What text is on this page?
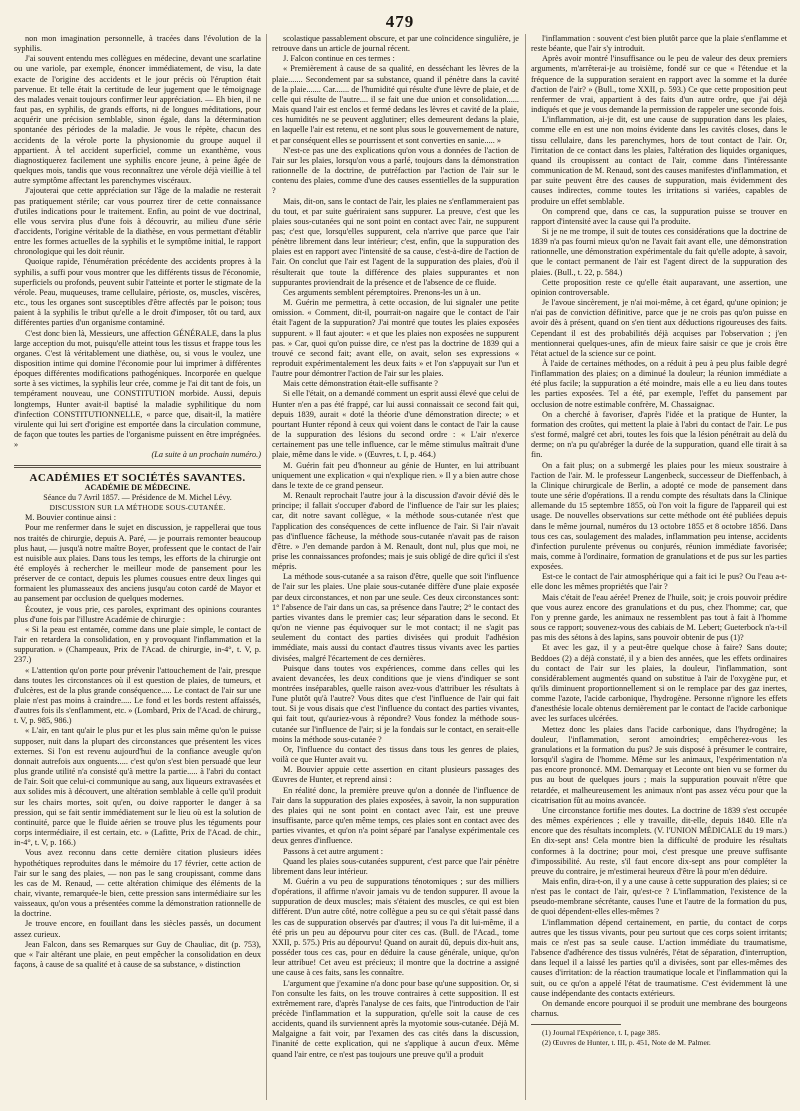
479

non mon imagination personnelle, à tracées dans l'évolution de la syphilis.

J'ai souvent entendu mes collègues en médecine, devant une scarlatine ou une variole, par exemple, énoncer immédiatement, de visu, la date exacte de l'origine des accidents et le jour précis où l'éruption était parvenue. Et telle était la certitude de leur jugement que le témoignage des malades venait toujours confirmer leur appréciation. — Eh bien, il ne faut pas, en syphilis, de grands efforts, ni de longues méditations, pour acquérir une précision semblable, sinon égale, dans la détermination spontanée des périodes de la maladie. Je vous le répète, chacun des accidents de la vérole porte la physionomie du groupe auquel il appartient. À tel accident superficiel, comme un exanthème, vous diagnostiquerez facilement une syphilis encore jeune, à peine âgée de quelques mois, tandis que vous reconnaîtrez une vérole déjà vieillie à tel autre symptôme affectant les parenchymes viscéraux.

J'ajouterai que cette appréciation sur l'âge de la maladie ne resterait pas pratiquement stérile; car vous pourrez tirer de cette connaissance d'utiles indications pour le traitement. Enfin, au point de vue doctrinal, elle vous servira plus d'une fois à découvrir, au milieu d'une série d'accidents, l'origine véritable de la diathèse, en vous permettant d'établir entre les formes actuelles de la syphilis et le symptôme initial, le rapport chronologique qui les doit réunir.

Quoique rapide, l'énumération précédente des accidents propres à la syphilis, a suffi pour vous montrer que les différents tissus de l'économie, superficiels ou profonds, peuvent subir l'atteinte et porter le stigmate de la vérole. Peau, muqueuses, trame cellulaire, périoste, os, muscles, viscères, etc., tous les organes sont susceptibles d'être affectés par le poison; tous paient à la syphilis le tribut qu'elle a le droit d'imposer, tôt ou tard, aux différentes parties d'un organisme contaminé.

C'est donc bien là, Messieurs, une affection GÉNÉRALE, dans la plus large acception du mot, puisqu'elle atteint tous les tissus et frappe tous les organes. C'est là véritablement une diathèse, ou, si vous le voulez, une disposition intime qui domine l'économie pour lui imprimer à différentes époques différentes modifications pathogéniques. Incorporée en quelque sorte à ses victimes, la syphilis leur crée, comme je l'ai dit tant de fois, un tempérament nouveau, une CONSTITUTION morbide. Aussi, depuis longtemps, Hunter avait-il baptisé la maladie syphilitique du nom d'infection CONSTITUTIONNELLE, « parce que, disait-il, la matière virulente qui lui sert d'origine est emportée dans la circulation commune, de façon que toutes les parties de l'organisme puissent en être imprégnées. »

(La suite à un prochain numéro.)

ACADÉMIES ET SOCIÉTÉS SAVANTES.

ACADÉMIE DE MÉDECINE.

Séance du 7 Avril 1857. — Présidence de M. Michel Lévy.

DISCUSSION SUR LA MÉTHODE SOUS-CUTANÉE.

M. Bouvier continue ainsi :

Pour me renfermer dans le sujet en discussion, je rappellerai que tous nos traités de chirurgie, depuis A. Paré, — je pourrais remonter beaucoup plus haut, — jusqu'à notre maître Boyer, professent que le contact de l'air est nuisible aux plaies. Dans tous les temps, les efforts de la chirurgie ont été employés à rechercher le meilleur mode de pansement pour les préserver de ce contact, depuis les plumes cousues entre deux linges qui formaient les plumasseaux des anciens jusqu'au coton cardé de Mayor et au pansement par occlusion de quelques modernes.

Écoutez, je vous prie, ces paroles, exprimant des opinions courantes plus d'une fois par l'illustre Académie de chirurgie :

« Si la peau est entamée, comme dans une plaie simple, le contact de l'air en retardera la consolidation, en y provoquant l'inflammation et la suppuration. » (Champeaux, Prix de l'Acad. de chirurgie, in-4°, t. V, p. 237.)

« L'attention qu'on porte pour prévenir l'attouchement de l'air, presque dans toutes les circonstances où il est question de plaies, de tumeurs, et d'ulcères, est de la plus grande conséquence..... Le contact de l'air sur une plaie n'est pas moins à craindre..... Le fond et les bords restent affaissés, d'autres fois ils s'enflamment, etc. » (Lombard, Prix de l'Acad. de chirurg., t. V, p. 985, 986.)

« L'air, en tant qu'air le plus pur et les plus sain même qu'on le puisse supposer, nuit dans la plupart des circonstances que présentent les vices externes. Si l'on est revenu aujourd'hui de la confiance aveugle qu'on donnait autrefois aux onguents..... c'est qu'on s'est bien persuadé que leur plus grande utilité n'a consisté qu'à mettre la partie..... à l'abri du contact de l'air. Soit que celui-ci communique au sang, aux liqueurs extravasées et aux solides mis à découvert, une altération semblable à celle qu'il produit sur les chairs mortes, soit qu'en, ou doive rapporter le danger à sa pression, qui se fait sentir immédiatement sur le lieu où est la solution de continuité, parce que le fluide aérien se trouve plus les téguments pour corps intermédiaire, il est certain, etc. » (Lafitte, Prix de l'Acad. de chir., in-4°, t. V, p. 166.)

Vous avez reconnu dans cette dernière citation plusieurs idées hypothétiques reproduites dans le mémoire du 17 février, cette action de l'air sur le sang des plaies, — non pas le sang croupissant, comme dans les cas de M. Renaud, — cette altération chimique des éléments de la chair, vivante, remarquée-le bien, cette pression sans intermédiaire sur les vaisseaux, qu'on vous a présentées comme la démonstration rationnelle de la doctrine.

Je trouve encore, en fouillant dans les siècles passés, un document assez curieux.

Jean Falcon, dans ses Remarques sur Guy de Chauliac, dit (p. 753), que « l'air altérant une plaie, en peut empêcher la consolidation en deux façons, à cause de sa qualité et à cause de sa substance, » distinction

scolastique passablement obscure, et par une coïncidence singulière, je retrouve dans un article de journal récent.

J. Falcon continue en ces termes :

« Premièrement à cause de sa qualité, en desséchant les lèvres de la plaie....... Secondement par sa substance, quand il pénètre dans la cavité de la plaie....... Car....... de l'humidité qui résulte d'une lèvre de plaie, et de celle qui résulte de l'autre.... il se fait une due union et consolidation...... Mais quand l'air est enclos et fermé dedans les lèvres et cavité de la plaie, ces humidités ne se peuvent agglutiner; elles demeurent dedans la plaie, en laquelle l'air est retenu, et ne sont plus sous le gouvernement de nature, et par conséquent elles se pourrissent et sont converties en sanie..... »

N'est-ce pas une des explications qu'on vous a données de l'action de l'air sur les plaies, lorsqu'on vous a parlé, toujours dans la démonstration rationnelle de la doctrine, de putréfaction par l'action de l'air sur le contenu des plaies, comme d'une des causes essentielles de la suppuration ?

Mais, dit-on, sans le contact de l'air, les plaies ne s'enflammeraient pas du tout, et par suite guériraient sans suppurer. La preuve, c'est que les plaies sous-cutanées qui ne sont point en contact avec l'air, ne suppurent pas; c'est que, lorsqu'elles suppurent, cela n'arrive que parce que l'air pénètre librement dans leur intérieur; c'est, enfin, que la suppuration des plaies est en rapport avec l'intensité de sa cause, c'est-à-dire de l'action de l'air. On conclut que l'air est l'agent de la suppuration des plaies, d'où il résulterait que toute la différence des plaies suppurantes et non suppurantes proviendrait de la présence et de l'absence de ce fluide.

Ces arguments semblent péremptoires. Prenons-les un à un.

M. Guérin me permettra, à cette occasion, de lui signaler une petite omission. « Comment, dit-il, pourrait-on nagaire que le contact de l'air était l'agent de la suppuration? J'ai montré que toutes les plaies exposées suppurent. » Il faut ajouter: « et que les plaies non exposées ne suppurent pas. » Car, quoi qu'on puisse dire, ce n'est pas la doctrine de 1839 qui a trouvé ce second fait; avant elle, on avait, selon ses expressions « reproduit expérimentalement les deux faits » et l'on s'appuyait sur l'un et l'autre pour démontrer l'action de l'air sur les plaies.

Mais cette démonstration était-elle suffisante ?

Si elle l'était, on a demandé comment un esprit aussi élevé que celui de Hunter n'en a pas été frappé, car lui aussi connaissait ce second fait qui, depuis 1839, aurait « doté la théorie d'une démonstration directe; » et pourtant Hunter répond à ceux qui voient dans le contact de l'air la cause de la suppuration des lésions du second ordre : « L'air n'exerce certainement pas une telle influence, car le même stimulus maîtrait d'une plaie, même dans le vide. » (Œuvres, t. I, p. 464.)

M. Guérin fait peu d'honneur au génie de Hunter, en lui attribuant uniquement une explication « qui n'explique rien. » Il y a bien autre chose dans le texte de ce grand penseur.

M. Renault reprochait l'autre jour à la discussion d'avoir dévié dès le principe; il fallait s'occuper d'abord de l'influence de l'air sur les plaies; car, dit notre savant collègue, « la méthode sous-cutanée n'est que l'application des conséquences de cette influence de l'air. Si l'air n'avait pas d'influence fâcheuse, la méthode sous-cutanée n'avait pas de raison d'être. » J'en demande pardon à M. Renault, dont nul, plus que moi, ne prise les connaissances profondes; mais je suis obligé de dire qu'ici il s'est mépris.

La méthode sous-cutanée a sa raison d'être, quelle que soit l'influence de l'air sur les plaies. Une plaie sous-cutanée diffère d'une plaie exposée par deux circonstances, et non par une seule. Ces deux circonstances sont: 1° l'absence de l'air dans un cas, sa présence dans l'autre; 2° le contact des parties vivantes dans le premier cas; leur séparation dans le second. Et qu'on ne vienne pas équivoquer sur le mot contact; il ne s'agit pas seulement du contact des parties divisées qui produit l'adhésion immédiate, mais aussi du contact d'autres tissus vivants avec les parties divisées, malgré l'écartement de ces dernières.

Puisque dans toutes vos expériences, comme dans celles qui les avaient devancées, les deux conditions que je viens d'indiquer se sont montrées inséparables, quelle raison avez-vous d'attribuer les résultats à l'une plutôt qu'à l'autre? Vous dites que c'est l'influence de l'air qui fait tout. Si je vous disais que c'est l'influence du contact des parties vivantes, qui fait tout, qu'auriez-vous à répondre? Vous fondez la méthode sous-cutanée sur l'influence de l'air; si je la fondais sur le contact, en serait-elle moins la méthode sous-cutanée ?

Or, l'influence du contact des tissus dans tous les genres de plaies, voilà ce que Hunter avait vu.

M. Bouvier appuie cette assertion en citant plusieurs passages des Œuvres de Hunter, et reprend ainsi :

En réalité donc, la première preuve qu'on a donnée de l'influence de l'air dans la suppuration des plaies exposées, à savoir, la non suppuration des plaies qui ne sont point en contact avec l'air, est une preuve insuffisante, parce qu'en même temps, ces plaies sont en contact avec des parties vivantes, et qu'on n'a point séparé par l'analyse expérimentale ces deux genres d'influence.

Passons à cet autre argument :

Quand les plaies sous-cutanées suppurent, c'est parce que l'air pénètre librement dans leur intérieur.

M. Guérin a vu peu de suppurations ténotomiques ; sur des milliers d'opérations, il affirme n'avoir jamais vu de tendon suppurer. Il avoue la suppuration de deux muscles; mais s'étaient des muscles, ce qui est bien différent. D'un autre côté, notre collègue a peu su ce qui s'était passé dans les cas de suppuration observés par d'autres; il vous l'a dit lui-même, il a été pris un peu au dépourvu pour citer ces cas. (Bull. de l'Acad., tome XXII, p. 575.) Pris au dépourvu! Quand on aurait dû, depuis dix-huit ans, posséder tous ces cas, pour en déduire la cause générale, unique, qu'on leur attribue! Cet aveu est précieux; il montre que la doctrine a assigné une cause à ces faits, sans les connaître.

L'argument que j'examine n'a donc pour base qu'une supposition. Or, si l'on consulte les faits, on les trouve contraires à cette supposition. Il est extrêmement rare, d'après l'analyse de ces faits, que l'introduction de l'air précède l'inflammation et la suppuration, qu'elle soit la cause de ces accidents, quand ils surviennent après la myotomie sous-cutanée. Déjà M. Malgaigne a fait voir, par l'examen des cas cités dans la discussion, l'inanité de cette explication, qui ne s'applique à aucun d'eux. Même quand l'air entre, ce n'est pas toujours une preuve qu'il a produit

l'inflammation : souvent c'est bien plutôt parce que la plaie s'enflamme et reste béante, que l'air s'y introduit.

Après avoir montré l'insuffisance ou le peu de valeur des deux premiers arguments, m'arrêterai-je au troisième, fondé sur ce que « l'étendue et la fréquence de la suppuration seraient en rapport avec la somme et la durée d'action de l'air? » (Bull., tome XXII, p. 593.) Ce que cette proposition peut renfermer de vrai, appartient à des faits d'un autre ordre, que j'ai déjà indiqués et que je vous demande la permission de rappeler une seconde fois.

L'inflammation, ai-je dit, est une cause de suppuration dans les plaies, comme elle en est une non moins évidente dans les cavités closes, dans le tissu cellulaire, dans les parenchymes, hors de tout contact de l'air. Or, l'irritation de ce contact dans les plaies, l'altération des liquides organiques, quand ils croupissent au contact de l'air, comme dans l'intéressante communication de M. Renaud, sont des causes manifestes d'inflammation, et par suite peuvent être des causes de suppuration, mais évidemment des causes indirectes, comme toutes les irritations si variées, capables de produire un effet semblable.

On comprend que, dans ce cas, la suppuration puisse se trouver en rapport d'intensité avec la cause qui l'a produite.

Si je ne me trompe, il suit de toutes ces considérations que la doctrine de 1839 n'a pas fourni mieux qu'on ne l'avait fait avant elle, une démonstration rationnelle, une démonstration expérimentale du fait qu'elle adopte, à savoir, que le contact permanent de l'air est l'agent direct de la suppuration des plaies. (Bull., t. 22, p. 584.)

Cette proposition reste ce qu'elle était auparavant, une assertion, une opinion controversable.

Je l'avoue sincèrement, je n'ai moi-même, à cet égard, qu'une opinion; je n'ai pas de conviction définitive, parce que je ne crois pas qu'on puisse en avoir dès à présent, quand on s'en tient aux déductions rigoureuses des faits. Cependant il est des probabilités déjà acquises par l'observation ; j'en mentionnerai quelques-unes, afin de mieux faire saisir ce que je crois être l'état actuel de la science sur ce point.

À l'aide de certaines méthodes, on a réduit à peu à peu plus faible degré l'inflammation des plaies; on a diminué la douleur; la réunion immédiate a été plus facile; la suppuration a été moindre, mais elle a eu lieu dans toutes les parties exposées. Tel a été, par exemple, l'effet du pansement par occlusion de notre estimable confrère, M. Chassaignac.

On a cherché à favoriser, d'après l'idée et la pratique de Hunter, la formation des croûtes, qui mettent la plaie à l'abri du contact de l'air. Le pus s'est formé, malgré cet abri, toutes les fois que la lésion pénétrait au delà du derme; on n'a pu qu'abréger la durée de la suppuration, quand elle tirait à sa fin.

On a fait plus; on a submergé les plaies pour les mieux soustraire à l'action de l'air. M. le professeur Langenbeck, successeur de Dieffenbach, à la Clinique chirurgicale de Berlin, a adopté ce mode de pansement dans toute une série d'opérations. Il a rendu compte des résultats dans la Clinique allemande du 15 septembre 1855, où l'on voit la figure de l'appareil qui est usage. De nouvelles observations sur cette méthode ont été publiées depuis dans le même journal, numéros du 13 octobre 1855 et 8 octobre 1856. Dans tous ces cas, soulagement des malades, inflammation peu intense, accidents d'infection purulente prévenus ou conjurés, réunion immédiate favorisée; mais, comme à l'ordinaire, formation de granulations et de pus sur les parties exposées.

Est-ce le contact de l'air atmosphérique qui a fait ici le pus? Ou l'eau a-t-elle donc les mêmes propriétés que l'air ?

Mais c'était de l'eau aérée! Prenez de l'huile, soit; je crois pouvoir prédire que vous aurez encore des granulations et du pus, chez l'homme; car, que l'on y prenne garde, les animaux ne ressemblent pas tout à fait à l'homme sous ce rapport; souvenez-vous des cabiais de M. Lebert; Gueterbock n'a-t-il pas mis des sétons à des lapins, sans pouvoir obtenir de pus (1)?

Et avec les gaz, il y a peut-être quelque chose à faire? Sans doute; Beddoes (2) a déjà constaté, il y a bien des années, que les effets ordinaires du contact de l'air sur les plaies, la douleur, l'inflammation, sont considérablement augmentés quand on substitue à l'air de l'oxygène pur, et qu'ils diminuent proportionnellement si on le remplace par des gaz inertes, comme l'azote, l'acide carbonique, l'hydrogène. Personne n'ignore les effets d'anesthésie locale obtenus dernièrement par le contact de l'acide carbonique avec les surfaces ulcérées.

Mettez donc les plaies dans l'acide carbonique, dans l'hydrogène; la douleur, l'inflammation, seront amoindries; empêcherez-vous les granulations et la formation du pus? Je suis disposé à présumer le contraire, lorsqu'il s'agira de l'homme. Même sur les animaux, l'expérimentation n'a pas encore prononcé. MM. Demarquay et Leconte ont bien vu se former du pus au bout de quelques jours ; mais la suppuration pouvait n'être que retardée, et malheureusement les animaux n'ont pas assez vécu pour que la cicatrisation fût au moins avancée.

Une circonstance fortifie mes doutes. La doctrine de 1839 s'est occupée des mêmes expériences ; elle y travaille, dit-elle, depuis 1840. Elle n'a encore que des résultats incomplets. (V. l'UNION MÉDICALE du 19 mars.) En dix-sept ans! Cela montre bien la difficulté de produire les résultats conformes à la doctrine; pour moi, c'est presque une preuve suffisante d'impossibilité. Au reste, s'il faut encore dix-sept ans pour compléter la preuve du contraire, je m'estimerai heureux d'être là pour m'en déduire.

Mais enfin, dira-t-on, il y a une cause à cette suppuration des plaies; si ce n'est pas le contact de l'air, qu'est-ce ? L'inflammation, l'existence de la pseudo-membrane sécrétante, causes l'une et l'autre de la formation du pus, de quoi dépendent-elles elles-mêmes ?

L'inflammation dépend certainement, en partie, du contact de corps autres que les tissus vivants, pour peu surtout que ces corps soient irritants; mais ce n'est pas sa seule cause. L'action immédiate du traumatisme, l'absence d'adhérence des tissus vulnérés, l'état de séparation, d'interruption, dans lequel il a laissé les parties qu'il a divisées, sont par elles-mêmes des causes d'irritation: de la réaction traumatique locale et l'inflammation qui la suit, ou ce qu'on a appelé l'état de traumatisme. C'est évidemment là une cause indépendante des contacts extérieurs.

On demande encore pourquoi il se produit une membrane des bourgeons charnus.

(1) Journal l'Expérience, t. I, page 385.

(2) Œuvres de Hunter, t. III, p. 451, Note de M. Palmer.
